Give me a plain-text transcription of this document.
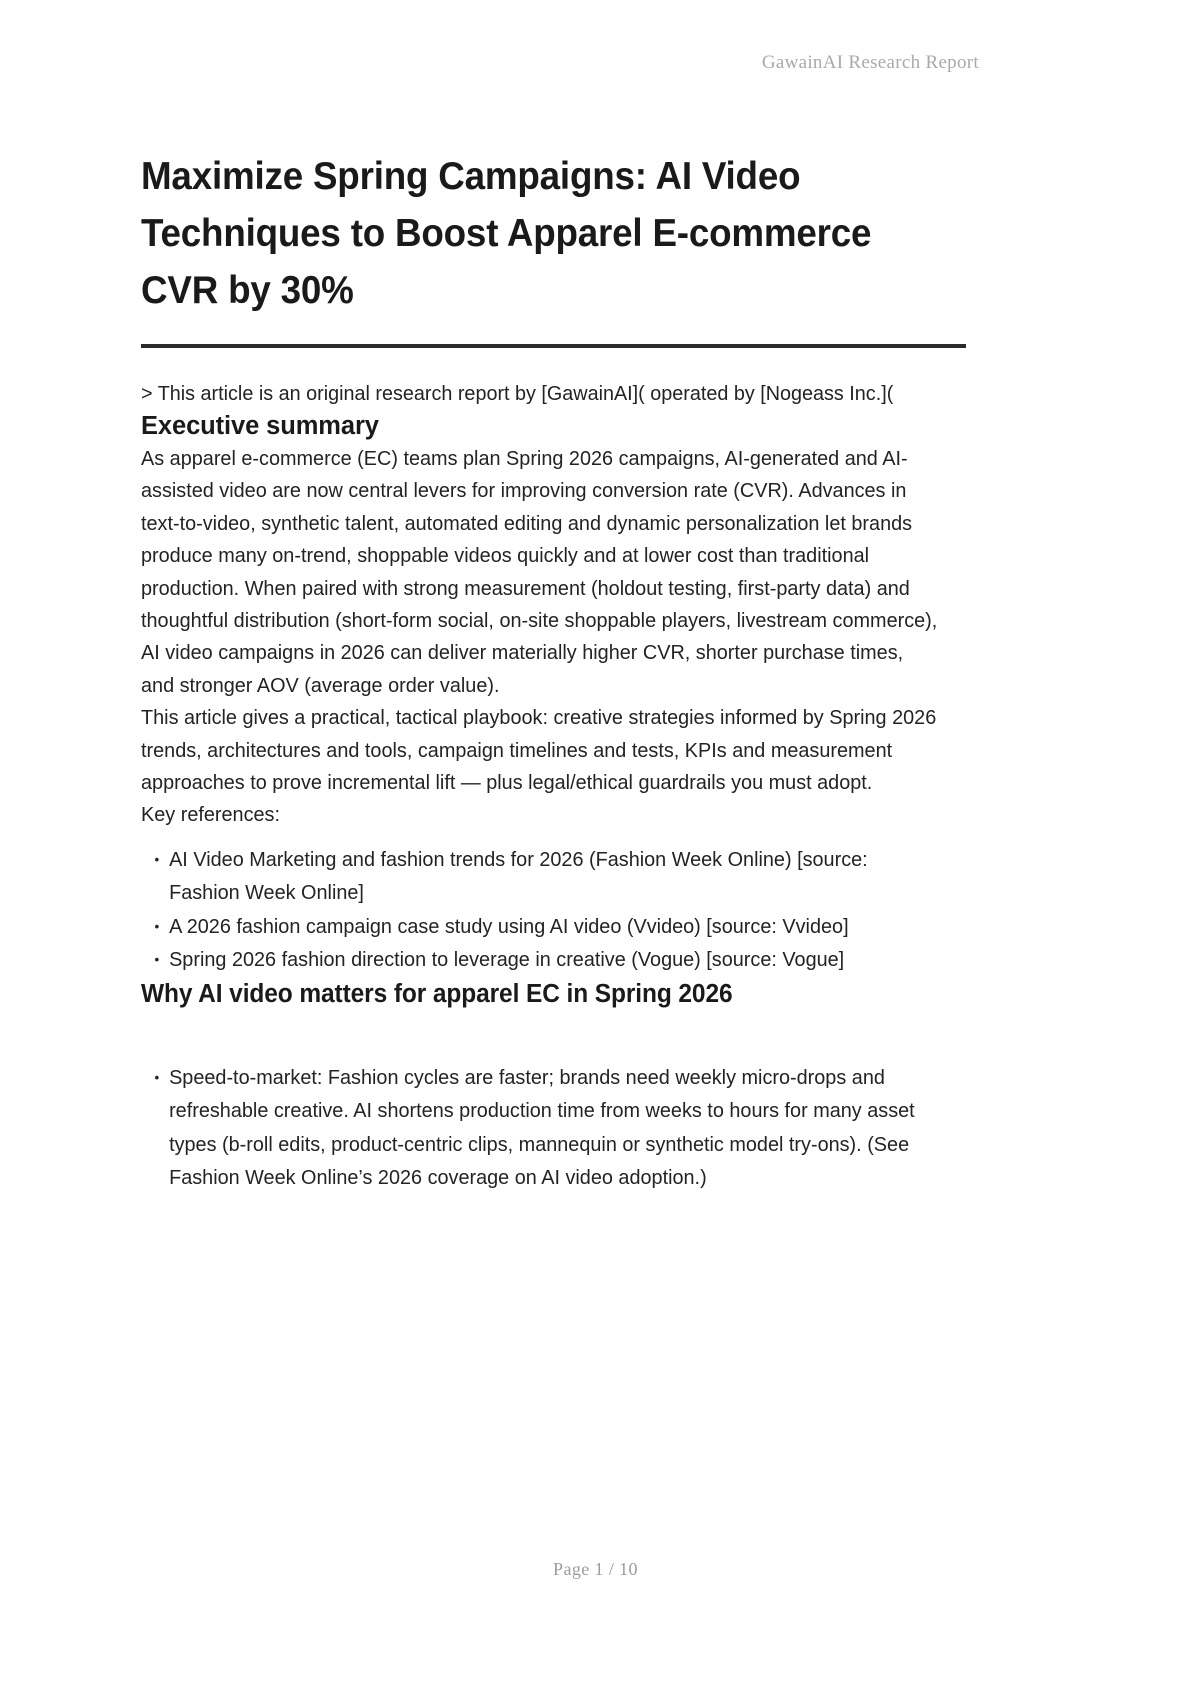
GawainAI Research Report
Maximize Spring Campaigns: AI Video Techniques to Boost Apparel E-commerce CVR by 30%
> This article is an original research report by [GawainAI]( operated by [Nogeass Inc.](
Executive summary

As apparel e-commerce (EC) teams plan Spring 2026 campaigns, AI-generated and AI-assisted video are now central levers for improving conversion rate (CVR). Advances in text-to-video, synthetic talent, automated editing and dynamic personalization let brands produce many on-trend, shoppable videos quickly and at lower cost than traditional production. When paired with strong measurement (holdout testing, first-party data) and thoughtful distribution (short-form social, on-site shoppable players, livestream commerce), AI video campaigns in 2026 can deliver materially higher CVR, shorter purchase times, and stronger AOV (average order value).

This article gives a practical, tactical playbook: creative strategies informed by Spring 2026 trends, architectures and tools, campaign timelines and tests, KPIs and measurement approaches to prove incremental lift — plus legal/ethical guardrails you must adopt.

Key references:

• AI Video Marketing and fashion trends for 2026 (Fashion Week Online) [source: Fashion Week Online]
• A 2026 fashion campaign case study using AI video (Vvideo) [source: Vvideo]
• Spring 2026 fashion direction to leverage in creative (Vogue) [source: Vogue]
Why AI video matters for apparel EC in Spring 2026
• Speed-to-market: Fashion cycles are faster; brands need weekly micro-drops and refreshable creative. AI shortens production time from weeks to hours for many asset types (b-roll edits, product-centric clips, mannequin or synthetic model try-ons). (See Fashion Week Online’s 2026 coverage on AI video adoption.)
Page 1 / 10
